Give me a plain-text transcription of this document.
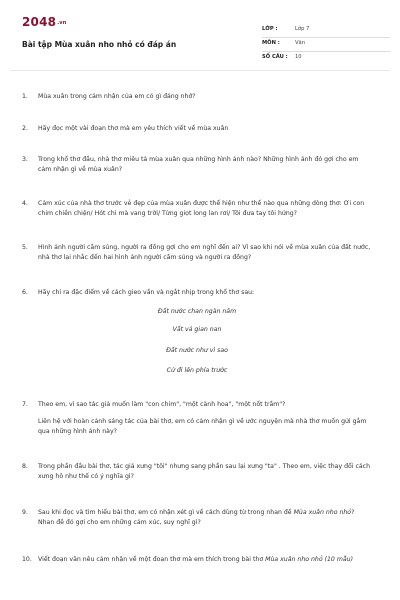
2048.vn
Bài tập Mùa xuân nho nhỏ có đáp án
LỚP :	Lớp 7
MÔN :	Văn
SỐ CÂU : 10
1. Mùa xuân trong cảm nhận của em có gì đáng nhớ?
2. Hãy đọc một vài đoạn thơ mà em yêu thích viết về mùa xuân
3. Trong khổ thơ đầu, nhà thơ miêu tả mùa xuân qua những hình ảnh nào? Những hình ảnh đó gợi cho em cảm nhận gì về mùa xuân?
4. Cảm xúc của nhà thơ trước vẻ đẹp của mùa xuân được thể hiện như thế nào qua những dòng thơ: Ơi con chim chiền chiện/ Hót chi mà vang trời/ Từng giọt long lan rơi/ Tôi đưa tay tôi hứng?
5. Hình ảnh người cầm súng, người ra đồng gợi cho em nghĩ đến ai? Vì sao khi nói về mùa xuân của đất nước, nhà thơ lại nhắc đến hai hình ảnh người cầm súng và người ra đồng?
6. Hãy chỉ ra đặc điểm về cách gieo vần và ngắt nhịp trong khổ thơ sau:
Đất nước chan ngàn năm
Vất vả gian nan
Đất nước như vì sao
Cứ đi lên phía trước
7. Theo em, vì sao tác giả muốn làm "con chim", "một cành hoa", "một nốt trầm"?
Liên hệ với hoàn cảnh sáng tác của bài thơ, em có cảm nhận gì về ước nguyện mà nhà thơ muốn gửi gắm qua những hình ảnh này?
8. Trong phần đầu bài thơ, tác giả xưng "tôi" nhưng sang phần sau lại xưng "ta" . Theo em, việc thay đổi cách xưng hô như thế có ý nghĩa gì?
9. Sau khi đọc và tìm hiểu bài thơ, em có nhận xét gì về cách dùng từ trong nhan đề Mùa xuân nho nhỏ? Nhan đề đó gợi cho em những cảm xúc, suy nghĩ gì?
10. Viết đoạn văn nêu cảm nhận về một đoạn thơ mà em thích trong bài thơ Mùa xuân nho nhỏ (10 mẫu)
